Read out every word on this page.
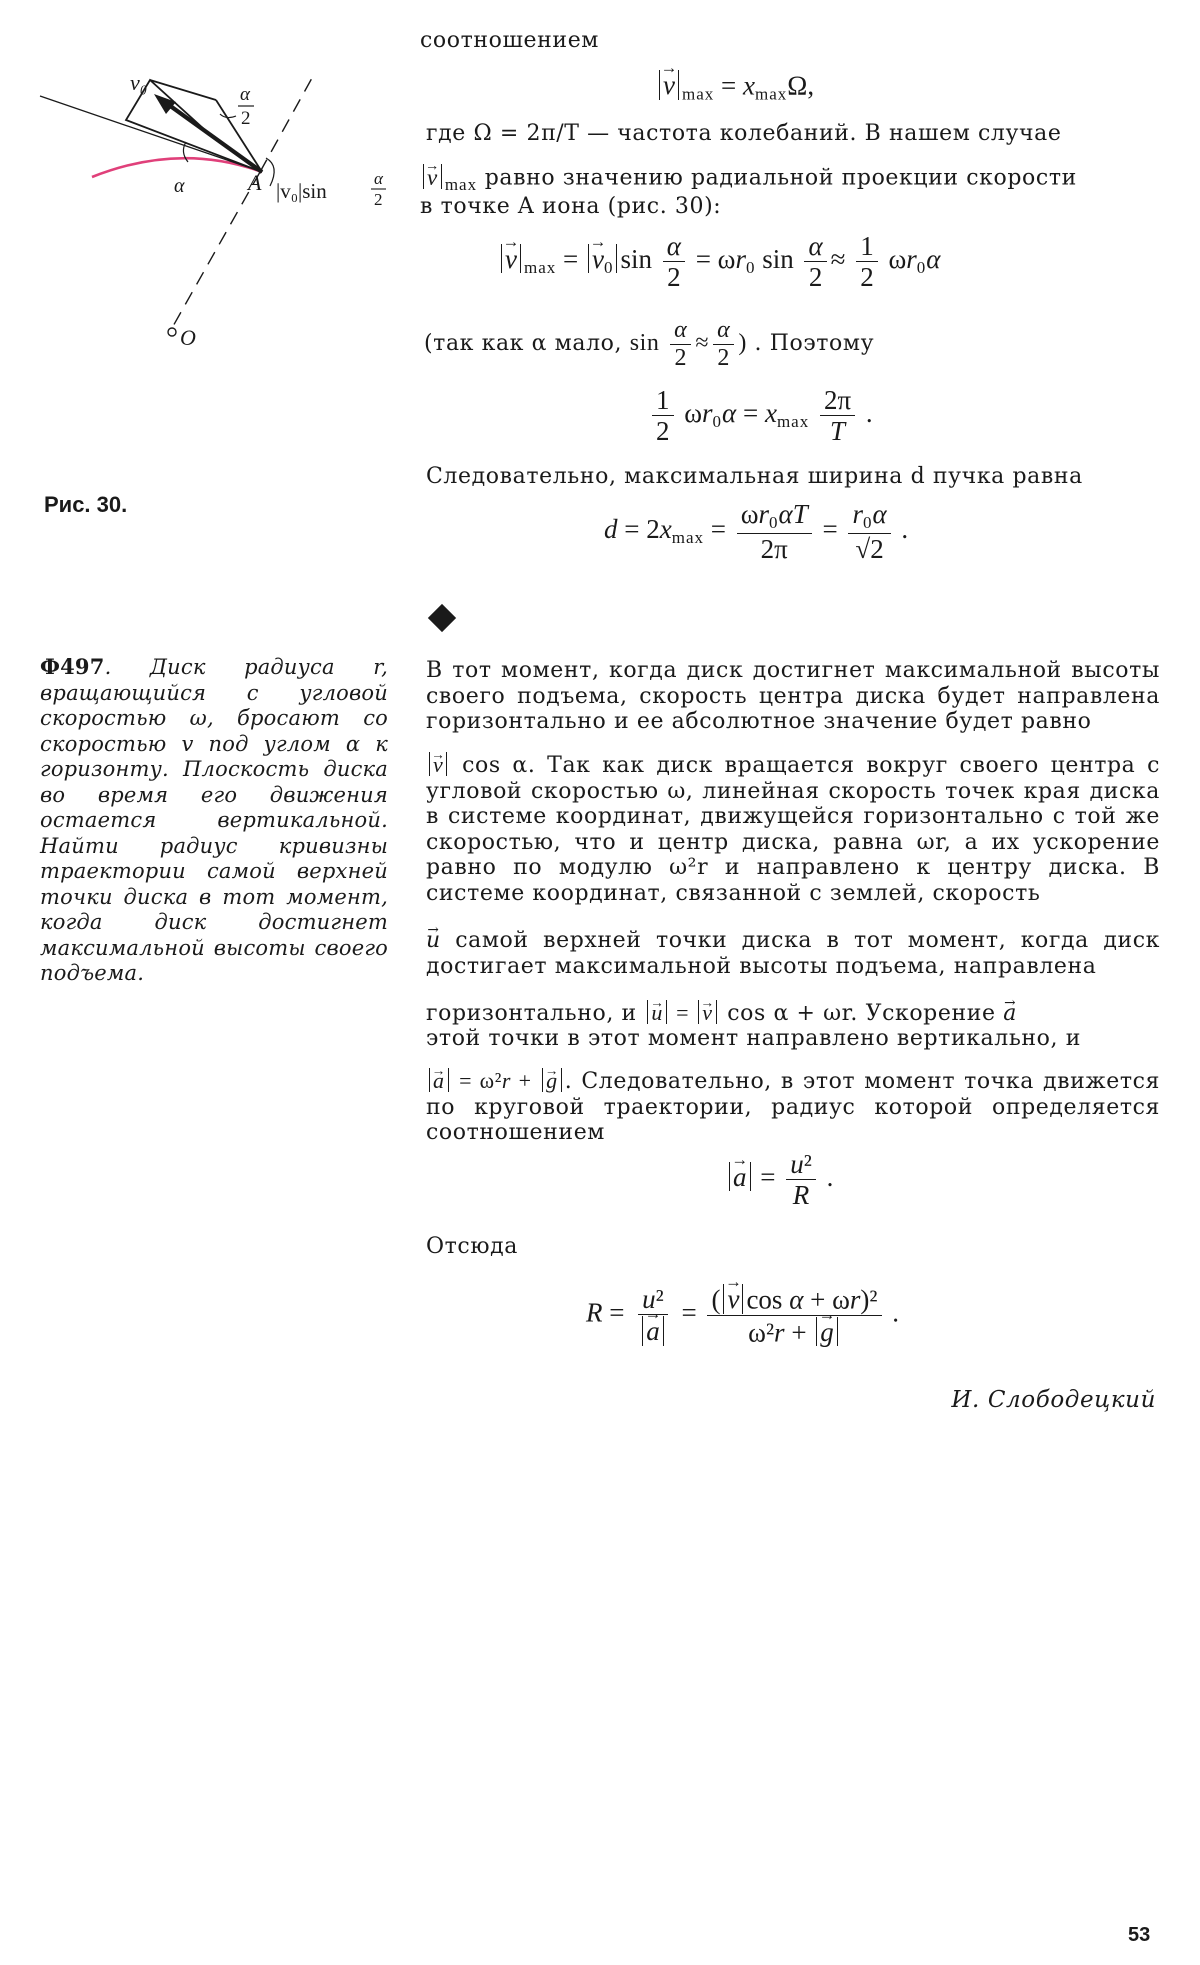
v₀	α
2
α	A
O
|v₀|sin
α
2
Рис. 30.
соотношением
→ v $_{max} = x_{max}\Omega$,
где Ω = 2π/T — частота колебаний. В нашем случае
→ v $_{max}$ равно значению радиальной проекции скорости
в точке A иона (рис. 30):
→ v $_{max}$ = → $v_0$ $\sin \frac{\alpha}{2} = \omega r_0$ $\sin \frac{\alpha}{2} \approx \frac{1}{2} \omega r_0\alpha$
(так как α мало, $\sin \frac{\alpha}{2} \approx \frac{\alpha}{2}$ ) . Поэтому
$\frac{1}{2} \omega r_0\alpha = x_{max} \frac{2\pi}{T}$ .
Следовательно, максимальная ширина d пучка равна
$d = 2x_{max} = \frac{\omega r_0\alpha T}{2\pi} = \frac{r_0\alpha}{√2}$ .
Ф497. Диск радиуса r, вращающийся с угловой скоростью ω, бросают со скоростью v под углом α к горизонту. Плоскость диска во время его движения остается вертикальной. Найти радиус кривизны траектории самой верхней точки диска в тот момент, когда диск достигнет максимальной высоты своего подъема.
В тот момент, когда диск достигнет максимальной высоты своего подъема, скорость центра диска будет направлена горизонтально и ее абсолютное значение будет равно
→ v cos α. Так как диск вращается вокруг своего центра с угловой скоростью ω, линейная скорость точек края диска в системе координат, движущейся горизонтально с той же скоростью, что и центр диска, равна ωr, а их ускорение равно по модулю ω²r и направлено к центру диска. В системе координат, связанной с землей, скорость
→ u самой верхней точки диска в тот момент, когда диск достигает максимальной высоты подъема, направлена
горизонтально, и → u = → v cos α + ωr. Ускорение → a
этой точки в этот момент направлено вертикально, и
→ a = ω²r + → g . Следовательно, в этот момент точка движется по круговой траектории, радиус которой определяется соотношением
→ $a = \frac{\text{u²}}{R}$ .
Отсюда
R = u²
→ $a = \frac{\text{( → v cos α + ωr)²}}{\text{ω²r + → g}}$ .
И. Слободецкий
53
